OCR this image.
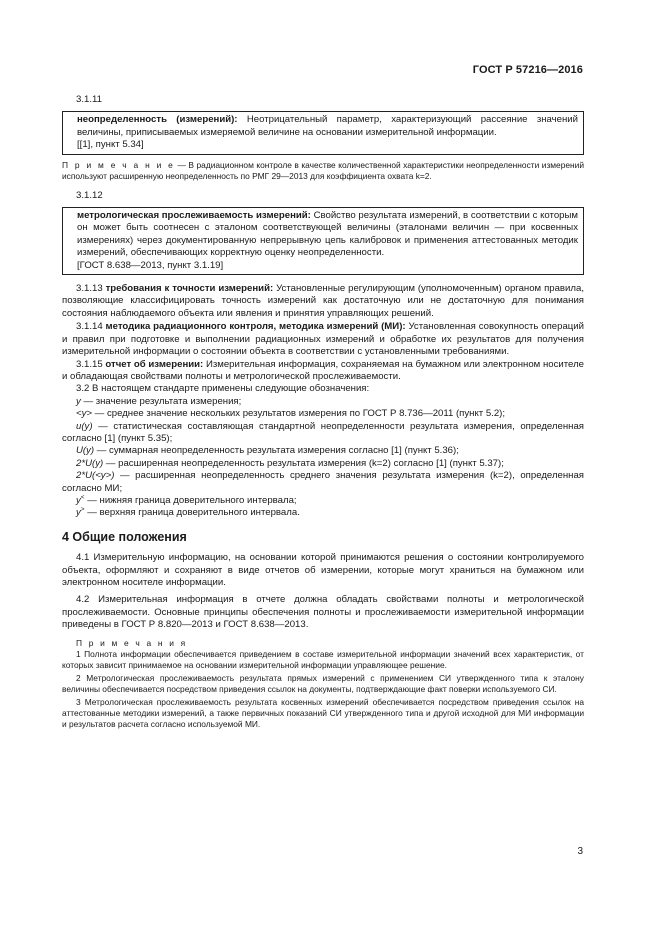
ГОСТ Р 57216—2016

3.1.11

неопределенность (измерений): Неотрицательный параметр, характеризующий рассеяние значений величины, приписываемых измеряемой величине на основании измерительной информации.

[[1], пункт 5.34]

П р и м е ч а н и е — В радиационном контроле в качестве количественной характеристики неопределенности измерений используют расширенную неопределенность по РМГ 29—2013 для коэффициента охвата k=2.

3.1.12

метрологическая прослеживаемость измерений: Свойство результата измерений, в соответствии с которым он может быть соотнесен с эталоном соответствующей величины (эталонами величин — при косвенных измерениях) через документированную непрерывную цепь калибровок и применения аттестованных методик измерений, обеспечивающих корректную оценку неопределенности.

[ГОСТ 8.638—2013, пункт 3.1.19]

3.1.13 требования к точности измерений: Установленные регулирующим (уполномоченным) органом правила, позволяющие классифицировать точность измерений как достаточную или не достаточную для понимания состояния наблюдаемого объекта или явления и принятия управляющих решений.

3.1.14 методика радиационного контроля, методика измерений (МИ): Установленная совокупность операций и правил при подготовке и выполнении радиационных измерений и обработке их результатов для получения измерительной информации о состоянии объекта в соответствии с установленными требованиями.

3.1.15 отчет об измерении: Измерительная информация, сохраняемая на бумажном или электронном носителе и обладающая свойствами полноты и метрологической прослеживаемости.

3.2 В настоящем стандарте применены следующие обозначения:

y — значение результата измерения;

<y> — среднее значение нескольких результатов измерения по ГОСТ Р 8.736—2011 (пункт 5.2);

u(y) — статистическая составляющая стандартной неопределенности результата измерения, определенная согласно [1] (пункт 5.35);

U(y) — суммарная неопределенность результата измерения согласно [1] (пункт 5.36);

2*U(y) — расширенная неопределенность результата измерения (k=2) согласно [1] (пункт 5.37);

2*U(<y>) — расширенная неопределенность среднего значения результата измерения (k=2), определенная согласно МИ;

y< — нижняя граница доверительного интервала;

y> — верхняя граница доверительного интервала.

4 Общие положения

4.1 Измерительную информацию, на основании которой принимаются решения о состоянии контролируемого объекта, оформляют и сохраняют в виде отчетов об измерении, которые могут храниться на бумажном или электронном носителе информации.

4.2 Измерительная информация в отчете должна обладать свойствами полноты и метрологической прослеживаемости. Основные принципы обеспечения полноты и прослеживаемости измерительной информации приведены в ГОСТ Р 8.820—2013 и ГОСТ 8.638—2013.

П р и м е ч а н и я

1 Полнота информации обеспечивается приведением в составе измерительной информации значений всех характеристик, от которых зависит принимаемое на основании измерительной информации управляющее решение.

2 Метрологическая прослеживаемость результата прямых измерений с применением СИ утвержденного типа к эталону величины обеспечивается посредством приведения ссылок на документы, подтверждающие факт поверки используемого СИ.

3 Метрологическая прослеживаемость результата косвенных измерений обеспечивается посредством приведения ссылок на аттестованные методики измерений, а также первичных показаний СИ утвержденного типа и другой исходной для МИ информации и результатов расчета согласно используемой МИ.

3
